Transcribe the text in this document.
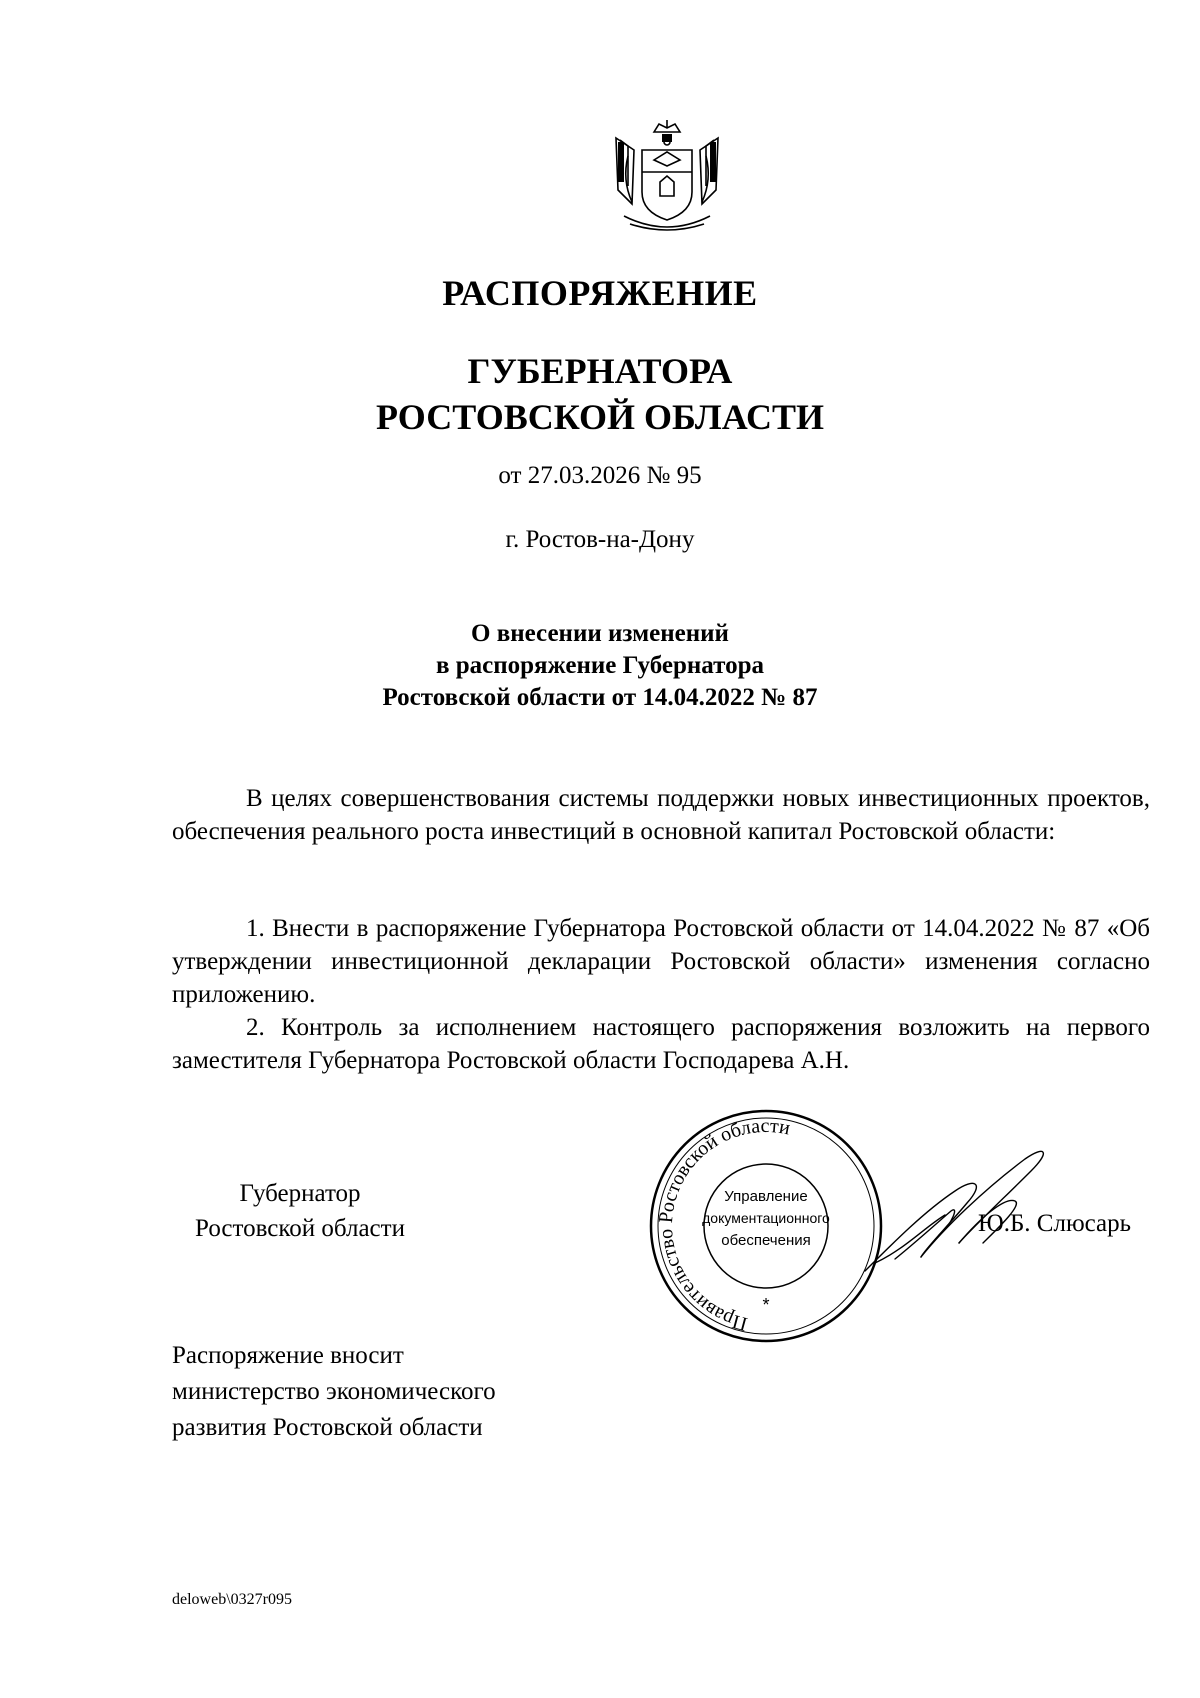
РАСПОРЯЖЕНИЕ
ГУБЕРНАТОРА
РОСТОВСКОЙ ОБЛАСТИ
от 27.03.2026 № 95
г. Ростов-на-Дону
О внесении изменений
в распоряжение Губернатора
Ростовской области от 14.04.2022 № 87
В целях совершенствования системы поддержки новых инвестиционных проектов, обеспечения реального роста инвестиций в основной капитал Ростовской области:
1. Внести в распоряжение Губернатора Ростовской области от 14.04.2022 № 87 «Об утверждении инвестиционной декларации Ростовской области» изменения согласно приложению.
2. Контроль за исполнением настоящего распоряжения возложить на первого заместителя Губернатора Ростовской области Господарева А.Н.
Губернатор
Ростовской области
Правительство Ростовской области
Управление
документационного
обеспечения
*
Ю.Б. Слюсарь
Распоряжение вносит
министерство экономического
развития Ростовской области
deloweb\0327r095
